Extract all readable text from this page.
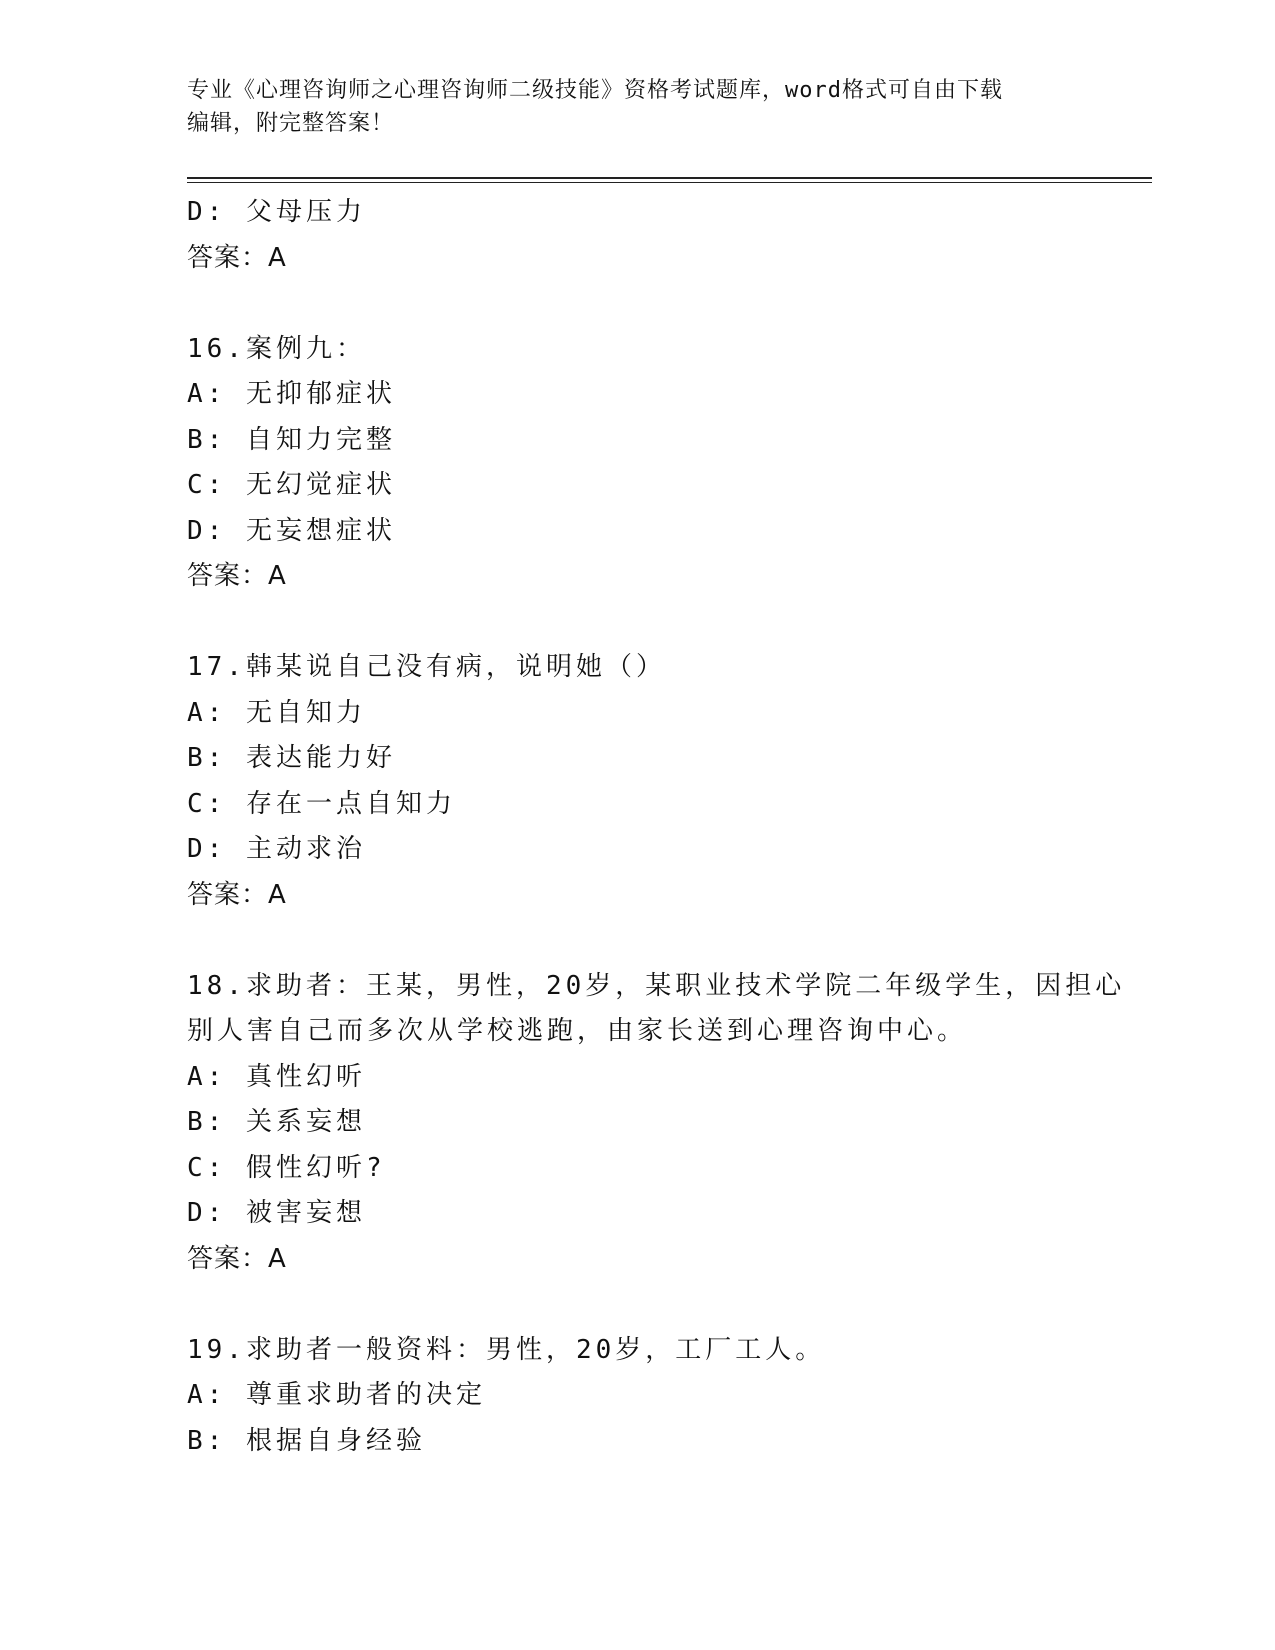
专业《心理咨询师之心理咨询师二级技能》资格考试题库，word格式可自由下载
编辑，附完整答案！
D: 父母压力
答案：A
16.案例九：
A: 无抑郁症状
B: 自知力完整
C: 无幻觉症状
D: 无妄想症状
答案：A
17.韩某说自己没有病，说明她（）
A: 无自知力
B: 表达能力好
C: 存在一点自知力
D: 主动求治
答案：A
18.求助者：王某，男性，20岁，某职业技术学院二年级学生，因担心
别人害自己而多次从学校逃跑，由家长送到心理咨询中心。
A: 真性幻听
B: 关系妄想
C: 假性幻听?
D: 被害妄想
答案：A
19.求助者一般资料：男性，20岁，工厂工人。
A: 尊重求助者的决定
B: 根据自身经验
